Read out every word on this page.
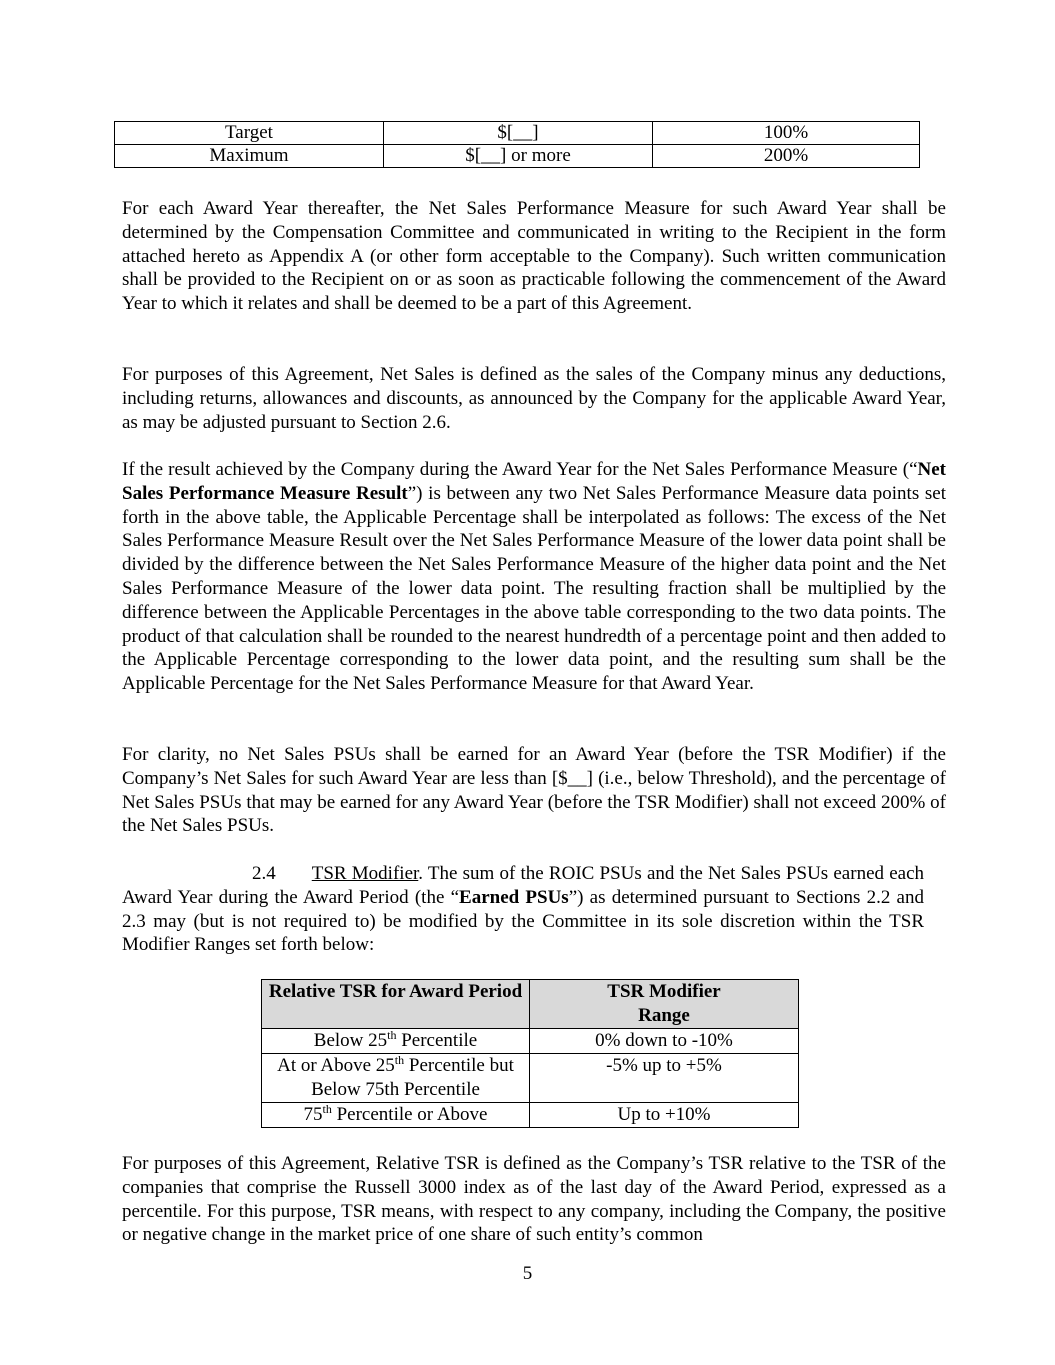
Target	$[__]	100%
Maximum	$[__] or more	200%

For each Award Year thereafter, the Net Sales Performance Measure for such Award Year shall be determined by the Compensation Committee and communicated in writing to the Recipient in the form attached hereto as Appendix A (or other form acceptable to the Company). Such written communication shall be provided to the Recipient on or as soon as practicable following the commencement of the Award Year to which it relates and shall be deemed to be a part of this Agreement.

For purposes of this Agreement, Net Sales is defined as the sales of the Company minus any deductions, including returns, allowances and discounts, as announced by the Company for the applicable Award Year, as may be adjusted pursuant to Section 2.6.

If the result achieved by the Company during the Award Year for the Net Sales Performance Measure (“Net Sales Performance Measure Result”) is between any two Net Sales Performance Measure data points set forth in the above table, the Applicable Percentage shall be interpolated as follows: The excess of the Net Sales Performance Measure Result over the Net Sales Performance Measure of the lower data point shall be divided by the difference between the Net Sales Performance Measure of the higher data point and the Net Sales Performance Measure of the lower data point. The resulting fraction shall be multiplied by the difference between the Applicable Percentages in the above table corresponding to the two data points. The product of that calculation shall be rounded to the nearest hundredth of a percentage point and then added to the Applicable Percentage corresponding to the lower data point, and the resulting sum shall be the Applicable Percentage for the Net Sales Performance Measure for that Award Year.

For clarity, no Net Sales PSUs shall be earned for an Award Year (before the TSR Modifier) if the Company’s Net Sales for such Award Year are less than [$__] (i.e., below Threshold), and the percentage of Net Sales PSUs that may be earned for any Award Year (before the TSR Modifier) shall not exceed 200% of the Net Sales PSUs.

2.4 TSR Modifier. The sum of the ROIC PSUs and the Net Sales PSUs earned each Award Year during the Award Period (the “Earned PSUs”) as determined pursuant to Sections 2.2 and 2.3 may (but is not required to) be modified by the Committee in its sole discretion within the TSR Modifier Ranges set forth below:

Relative TSR for Award Period	TSR Modifier Range
Below 25th Percentile	0% down to -10%
At or Above 25th Percentile but Below 75th Percentile	-5% up to +5%
75th Percentile or Above	Up to +10%

For purposes of this Agreement, Relative TSR is defined as the Company’s TSR relative to the TSR of the companies that comprise the Russell 3000 index as of the last day of the Award Period, expressed as a percentile. For this purpose, TSR means, with respect to any company, including the Company, the positive or negative change in the market price of one share of such entity’s common

5
